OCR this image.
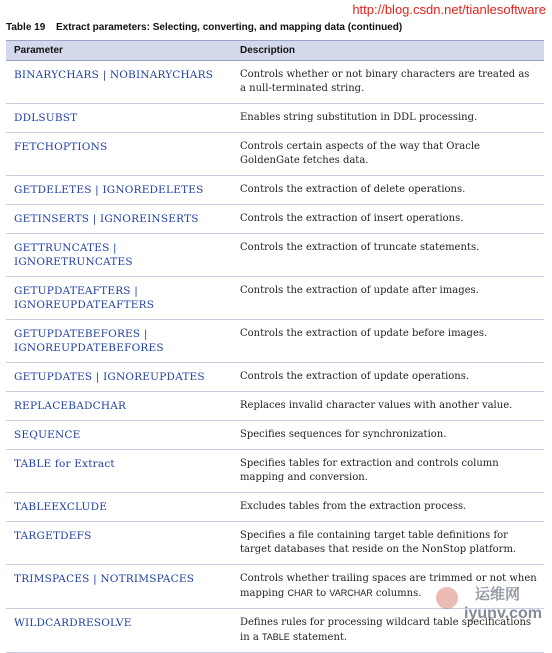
http://blog.csdn.net/tianlesoftware
Table 19 Extract parameters: Selecting, converting, and mapping data (continued)
Parameter	Description
BINARYCHARS | NOBINARYCHARS	Controls whether or not binary characters are treated as a null-terminated string.
DDLSUBST	Enables string substitution in DDL processing.
FETCHOPTIONS	Controls certain aspects of the way that Oracle GoldenGate fetches data.
GETDELETES | IGNOREDELETES	Controls the extraction of delete operations.
GETINSERTS | IGNOREINSERTS	Controls the extraction of insert operations.
GETTRUNCATES | IGNORETRUNCATES	Controls the extraction of truncate statements.
GETUPDATEAFTERS | IGNOREUPDATEAFTERS	Controls the extraction of update after images.
GETUPDATEBEFORES | IGNOREUPDATEBEFORES	Controls the extraction of update before images.
GETUPDATES | IGNOREUPDATES	Controls the extraction of update operations.
REPLACEBADCHAR	Replaces invalid character values with another value.
SEQUENCE	Specifies sequences for synchronization.
TABLE for Extract	Specifies tables for extraction and controls column mapping and conversion.
TABLEEXCLUDE	Excludes tables from the extraction process.
TARGETDEFS	Specifies a file containing target table definitions for target databases that reside on the NonStop platform.
TRIMSPACES | NOTRIMSPACES	Controls whether trailing spaces are trimmed or not when mapping CHAR to VARCHAR columns.
WILDCARDRESOLVE	Defines rules for processing wildcard table specifications in a TABLE statement.
运维网
iyunv.com
